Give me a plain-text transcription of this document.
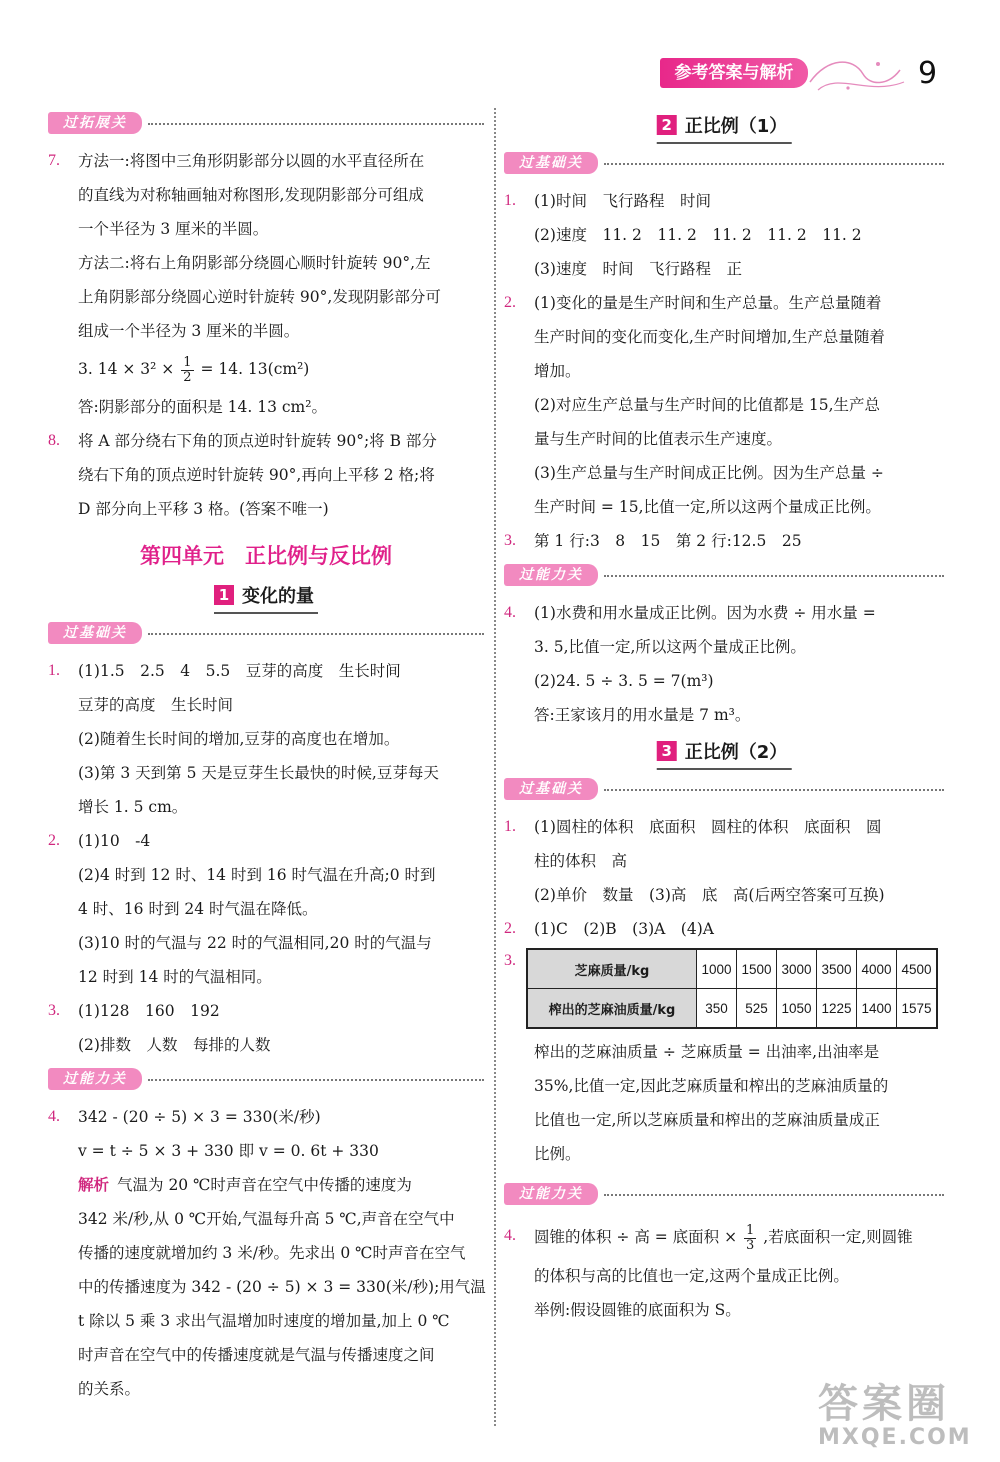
参考答案与解析	9
过拓展关
7. 方法一:将图中三角形阴影部分以圆的水平直径所在

的直线为对称轴画轴对称图形,发现阴影部分可组成

一个半径为 3 厘米的半圆。

方法二:将右上角阴影部分绕圆心顺时针旋转 90°,左

上角阴影部分绕圆心逆时针旋转 90°,发现阴影部分可

组成一个半径为 3 厘米的半圆。

3. $14 \times 3^2 \times \frac{1}{2} = 14$. 13(cm²)

答:阴影部分的面积是 14. 13 cm²。

8. 将 A 部分绕右下角的顶点逆时针旋转 90°;将 B 部分

绕右下角的顶点逆时针旋转 90°,再向上平移 2 格;将

D 部分向上平移 3 格。(答案不唯一)

第四单元　正比例与反比例
1 变化的量
过基础关
1. (1)1.5　2.5　4　5.5　豆芽的高度　生长时间

豆芽的高度　生长时间

(2)随着生长时间的增加,豆芽的高度也在增加。

(3)第 3 天到第 5 天是豆芽生长最快的时候,豆芽每天

增长 1. 5 cm。

2. (1)10　-4

(2)4 时到 12 时、14 时到 16 时气温在升高;0 时到

4 时、16 时到 24 时气温在降低。

(3)10 时的气温与 22 时的气温相同,20 时的气温与

12 时到 14 时的气温相同。

3. (1)128　160　192

(2)排数　人数　每排的人数

过能力关
4. 342 - (20 ÷ 5) × 3 = 330(米/秒)

v = t ÷ 5 × 3 + 330 即 v = 0. 6t + 330

解析 气温为 20 ℃时声音在空气中传播的速度为

342 米/秒,从 0 ℃开始,气温每升高 5 ℃,声音在空气中

传播的速度就增加约 3 米/秒。先求出 0 ℃时声音在空气

中的传播速度为 342 - (20 ÷ 5) × 3 = 330(米/秒);用气温

t 除以 5 乘 3 求出气温增加时速度的增加量,加上 0 ℃

时声音在空气中的传播速度就是气温与传播速度之间

的关系。

2 正比例（1）
过基础关
1. (1)时间　飞行路程　时间

(2)速度　11. 2　11. 2　11. 2　11. 2　11. 2

(3)速度　时间　飞行路程　正

2. (1)变化的量是生产时间和生产总量。生产总量随着

生产时间的变化而变化,生产时间增加,生产总量随着

增加。

(2)对应生产总量与生产时间的比值都是 15,生产总

量与生产时间的比值表示生产速度。

(3)生产总量与生产时间成正比例。因为生产总量 ÷

生产时间 = 15,比值一定,所以这两个量成正比例。

3. 第 1 行:3　8　15　第 2 行:12.5　25

过能力关
4. (1)水费和用水量成正比例。因为水费 ÷ 用水量 =

3. 5,比值一定,所以这两个量成正比例。

(2)24. 5 ÷ 3. 5 = 7(m³)

答:王家该月的用水量是 7 m³。

3 正比例（2）
过基础关
1. (1)圆柱的体积　底面积　圆柱的体积　底面积　圆

柱的体积　高

(2)单价　数量　(3)高　底　高(后两空答案可互换)

2. (1)C　(2)B　(3)A　(4)A

3.
芝麻质量/kg	1000	1500	3000	3500	4000	4500
榨出的芝麻油质量/kg	350	525	1050	1225	1400	1575

榨出的芝麻油质量 ÷ 芝麻质量 = 出油率,出油率是

35%,比值一定,因此芝麻质量和榨出的芝麻油质量的

比值也一定,所以芝麻质量和榨出的芝麻油质量成正

比例。

过能力关
4. 圆锥的体积 ÷ 高 = 底面积 × $\frac{1}{3}$ ,若底面积一定,则圆锥

的体积与高的比值也一定,这两个量成正比例。

举例:假设圆锥的底面积为 S。

答案圈
MXQE.COM
